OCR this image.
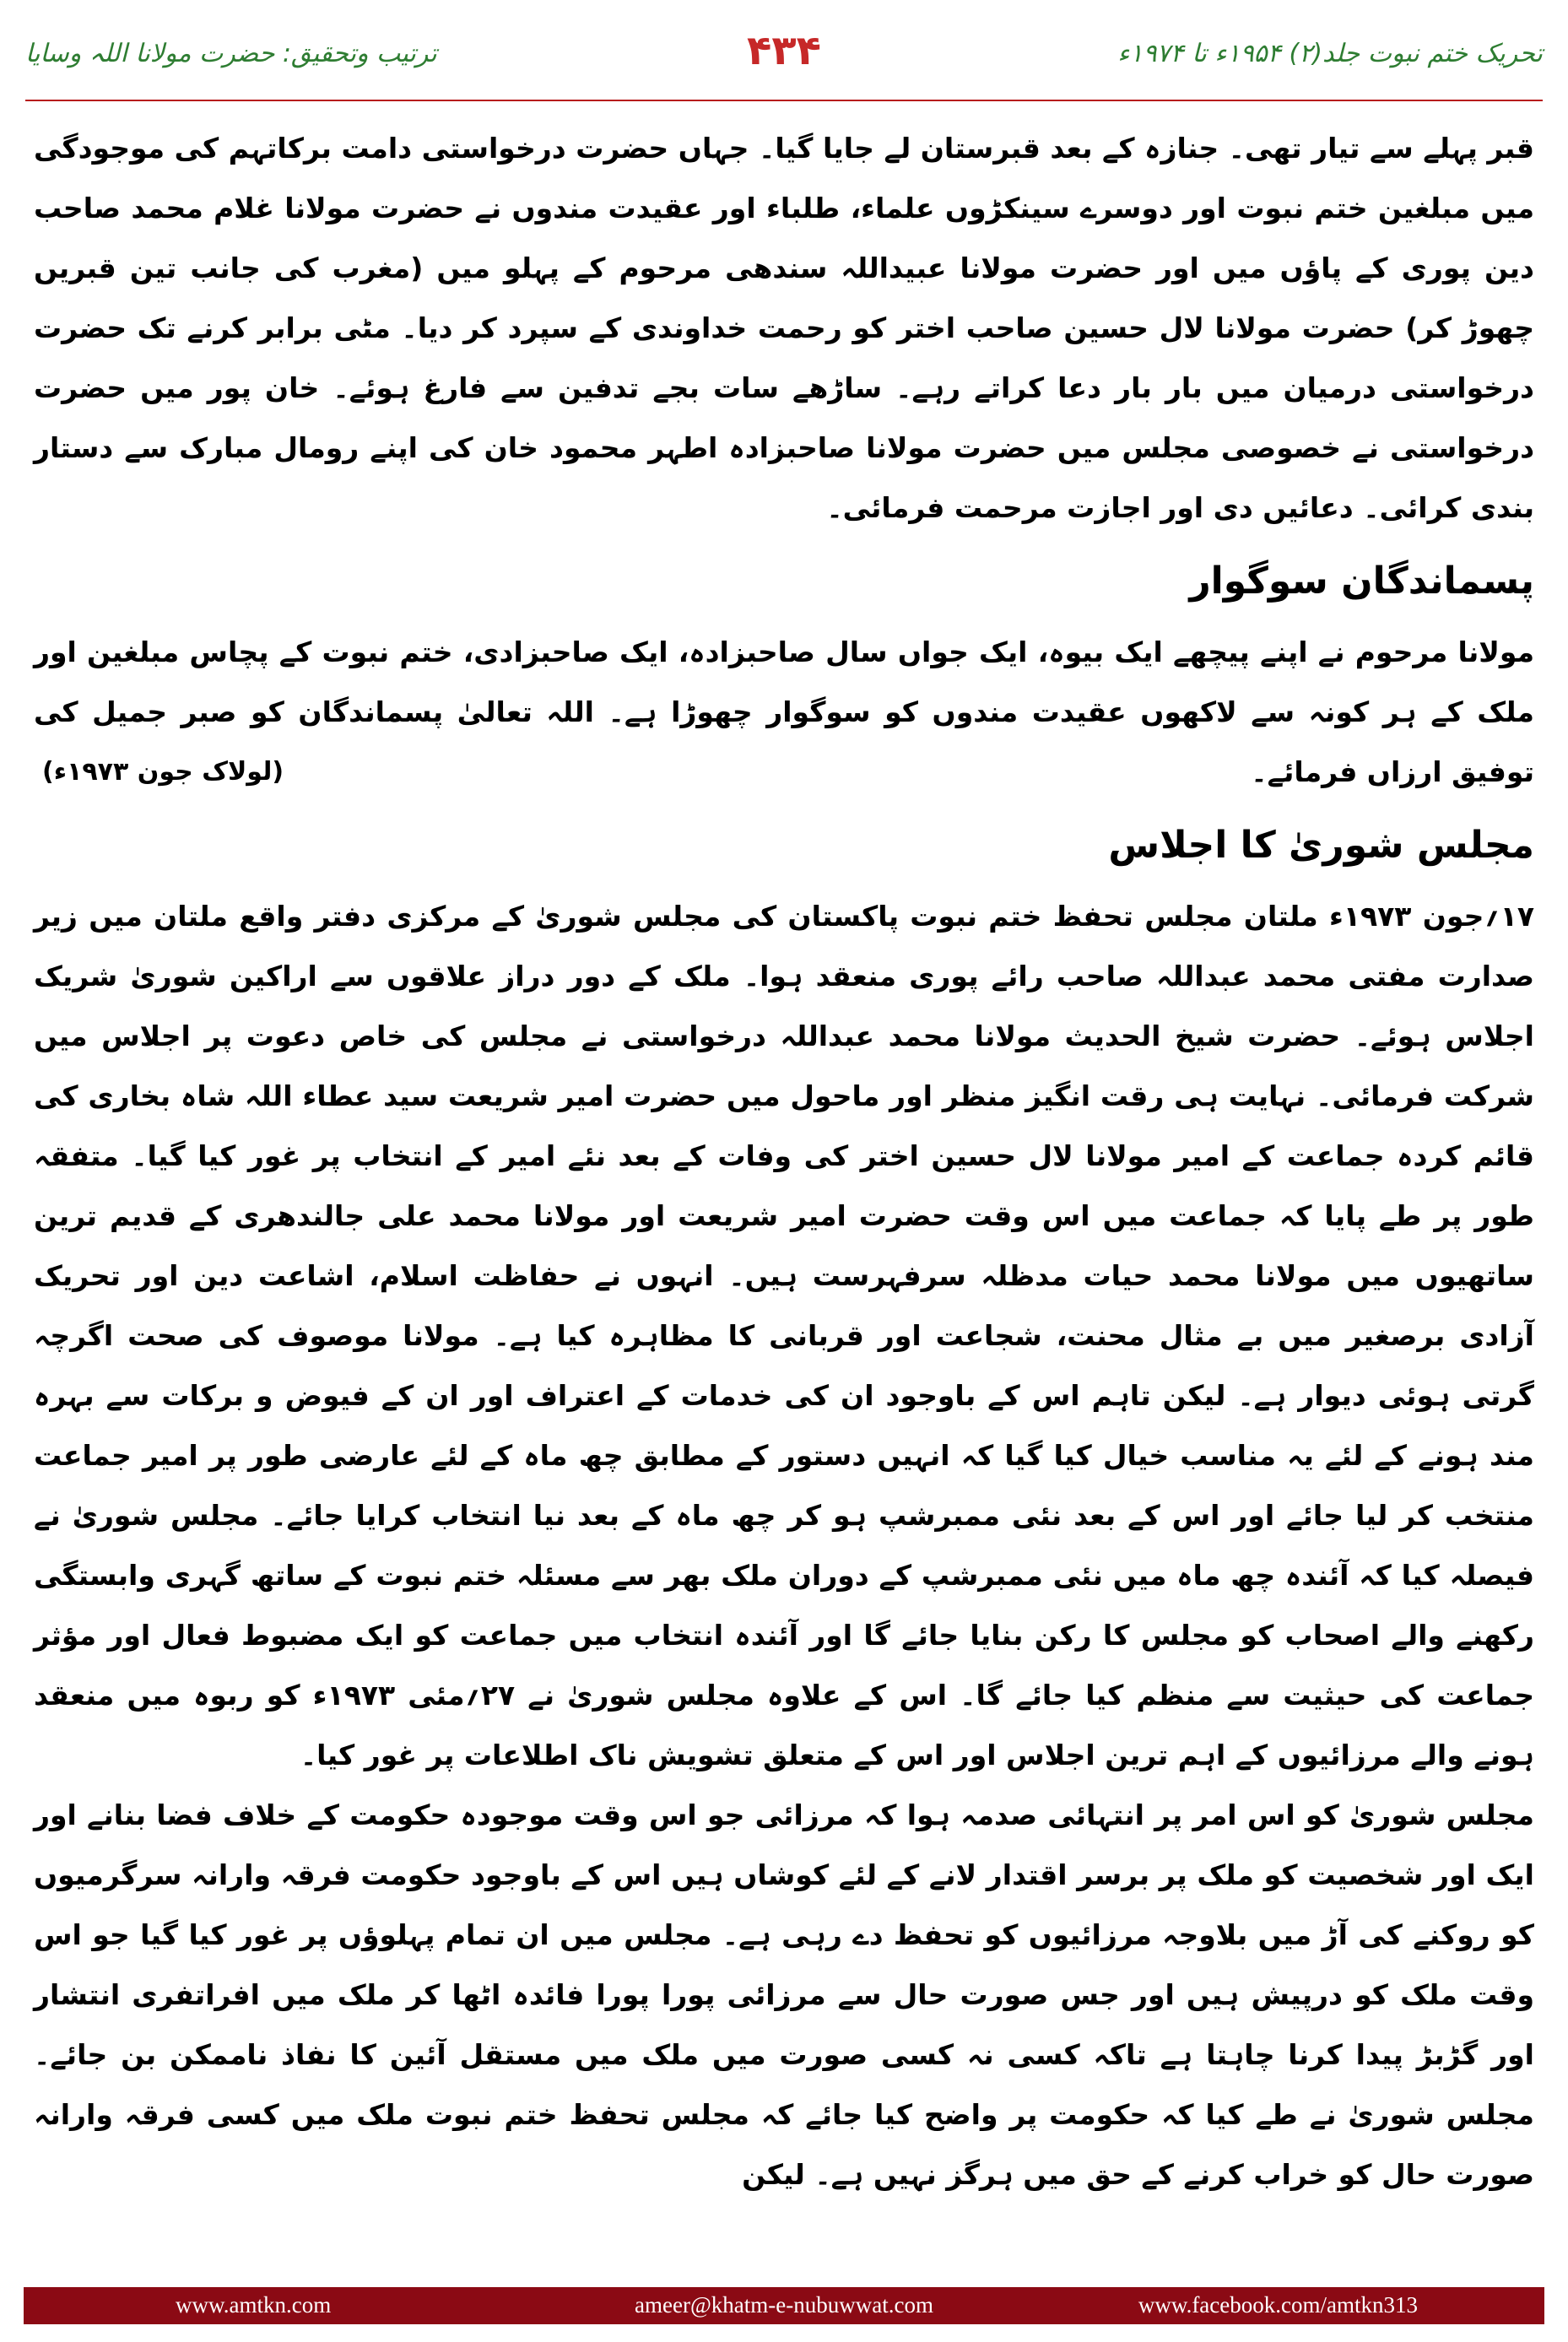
ترتیب وتحقیق: حضرت مولانا اللہ وسایا	۴۳۴	تحریک ختم نبوت جلد(۲) ۱۹۵۴ء تا ۱۹۷۴ء

قبر پہلے سے تیار تھی۔ جنازہ کے بعد قبرستان لے جایا گیا۔ جہاں حضرت درخواستی دامت برکاتہم کی موجودگی میں مبلغین ختم نبوت اور دوسرے سینکڑوں علماء، طلباء اور عقیدت مندوں نے حضرت مولانا غلام محمد صاحب دین پوری کے پاؤں میں اور حضرت مولانا عبیداللہ سندھی مرحوم کے پہلو میں (مغرب کی جانب تین قبریں چھوڑ کر) حضرت مولانا لال حسین صاحب اختر کو رحمت خداوندی کے سپرد کر دیا۔ مٹی برابر کرنے تک حضرت درخواستی درمیان میں بار بار دعا کراتے رہے۔ ساڑھے سات بجے تدفین سے فارغ ہوئے۔ خان پور میں حضرت درخواستی نے خصوصی مجلس میں حضرت مولانا صاحبزادہ اطہر محمود خان کی اپنے رومال مبارک سے دستار بندی کرائی۔ دعائیں دی اور اجازت مرحمت فرمائی۔

پسماندگان سوگوار

مولانا مرحوم نے اپنے پیچھے ایک بیوہ، ایک جواں سال صاحبزادہ، ایک صاحبزادی، ختم نبوت کے پچاس مبلغین اور ملک کے ہر کونہ سے لاکھوں عقیدت مندوں کو سوگوار چھوڑا ہے۔ اللہ تعالیٰ پسماندگان کو صبر جمیل کی توفیق ارزاں فرمائے۔
(لولاک جون ۱۹۷۳ء)

مجلس شوریٰ کا اجلاس

۱۷؍جون ۱۹۷۳ء ملتان مجلس تحفظ ختم نبوت پاکستان کی مجلس شوریٰ کے مرکزی دفتر واقع ملتان میں زیر صدارت مفتی محمد عبداللہ صاحب رائے پوری منعقد ہوا۔ ملک کے دور دراز علاقوں سے اراکین شوریٰ شریک اجلاس ہوئے۔ حضرت شیخ الحدیث مولانا محمد عبداللہ درخواستی نے مجلس کی خاص دعوت پر اجلاس میں شرکت فرمائی۔ نہایت ہی رقت انگیز منظر اور ماحول میں حضرت امیر شریعت سید عطاء اللہ شاہ بخاری کی قائم کردہ جماعت کے امیر مولانا لال حسین اختر کی وفات کے بعد نئے امیر کے انتخاب پر غور کیا گیا۔ متفقہ طور پر طے پایا کہ جماعت میں اس وقت حضرت امیر شریعت اور مولانا محمد علی جالندھری کے قدیم ترین ساتھیوں میں مولانا محمد حیات مدظلہ سرفہرست ہیں۔ انہوں نے حفاظت اسلام، اشاعت دین اور تحریک آزادی برصغیر میں بے مثال محنت، شجاعت اور قربانی کا مظاہرہ کیا ہے۔ مولانا موصوف کی صحت اگرچہ گرتی ہوئی دیوار ہے۔ لیکن تاہم اس کے باوجود ان کی خدمات کے اعتراف اور ان کے فیوض و برکات سے بہرہ مند ہونے کے لئے یہ مناسب خیال کیا گیا کہ انہیں دستور کے مطابق چھ ماہ کے لئے عارضی طور پر امیر جماعت منتخب کر لیا جائے اور اس کے بعد نئی ممبرشپ ہو کر چھ ماہ کے بعد نیا انتخاب کرایا جائے۔ مجلس شوریٰ نے فیصلہ کیا کہ آئندہ چھ ماہ میں نئی ممبرشپ کے دوران ملک بھر سے مسئلہ ختم نبوت کے ساتھ گہری وابستگی رکھنے والے اصحاب کو مجلس کا رکن بنایا جائے گا اور آئندہ انتخاب میں جماعت کو ایک مضبوط فعال اور مؤثر جماعت کی حیثیت سے منظم کیا جائے گا۔ اس کے علاوہ مجلس شوریٰ نے ۲۷؍مئی ۱۹۷۳ء کو ربوہ میں منعقد ہونے والے مرزائیوں کے اہم ترین اجلاس اور اس کے متعلق تشویش ناک اطلاعات پر غور کیا۔

مجلس شوریٰ کو اس امر پر انتہائی صدمہ ہوا کہ مرزائی جو اس وقت موجودہ حکومت کے خلاف فضا بنانے اور ایک اور شخصیت کو ملک پر برسر اقتدار لانے کے لئے کوشاں ہیں اس کے باوجود حکومت فرقہ وارانہ سرگرمیوں کو روکنے کی آڑ میں بلاوجہ مرزائیوں کو تحفظ دے رہی ہے۔ مجلس میں ان تمام پہلوؤں پر غور کیا گیا جو اس وقت ملک کو درپیش ہیں اور جس صورت حال سے مرزائی پورا پورا فائدہ اٹھا کر ملک میں افراتفری انتشار اور گڑبڑ پیدا کرنا چاہتا ہے تاکہ کسی نہ کسی صورت میں ملک میں مستقل آئین کا نفاذ ناممکن بن جائے۔ مجلس شوریٰ نے طے کیا کہ حکومت پر واضح کیا جائے کہ مجلس تحفظ ختم نبوت ملک میں کسی فرقہ وارانہ صورت حال کو خراب کرنے کے حق میں ہرگز نہیں ہے۔ لیکن

www.amtkn.com	ameer@khatm-e-nubuwwat.com	www.facebook.com/amtkn313
